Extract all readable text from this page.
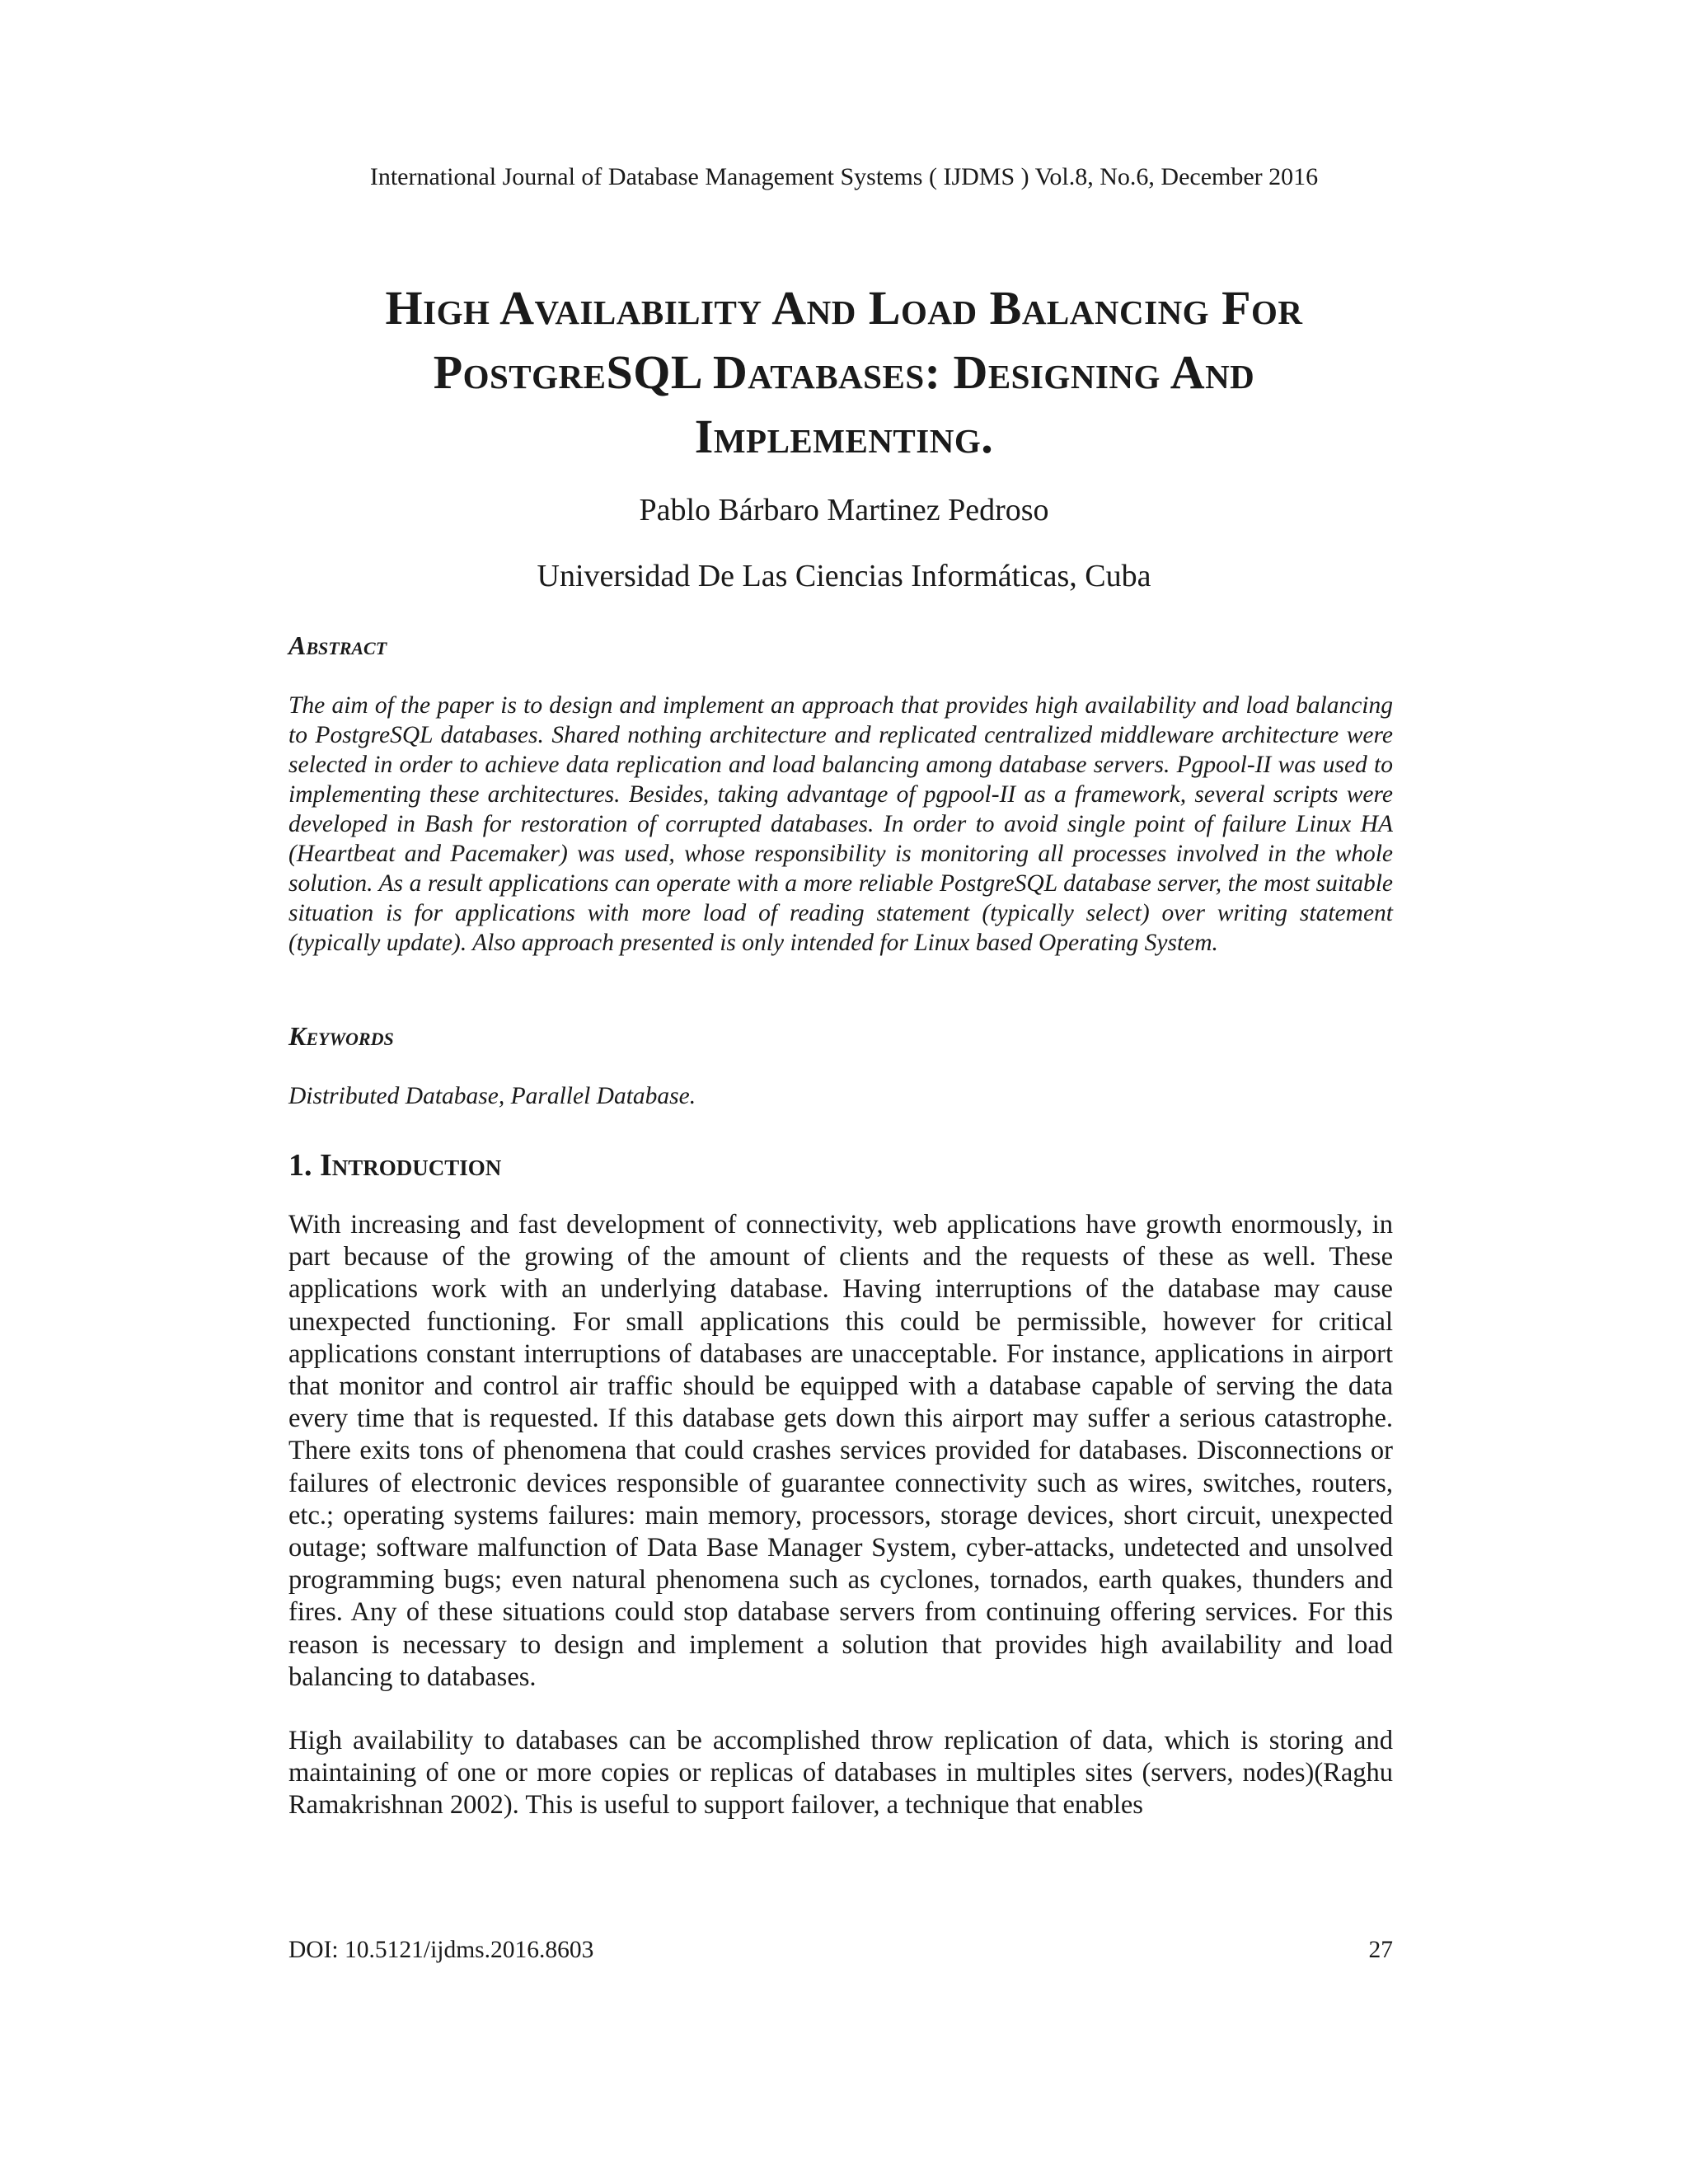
International Journal of Database Management Systems ( IJDMS ) Vol.8, No.6, December 2016
High Availability And Load Balancing For
PostgreSQL Databases: Designing And
Implementing.
Pablo Bárbaro Martinez Pedroso
Universidad De Las Ciencias Informáticas, Cuba
Abstract
The aim of the paper is to design and implement an approach that provides high availability and load balancing to PostgreSQL databases. Shared nothing architecture and replicated centralized middleware architecture were selected in order to achieve data replication and load balancing among database servers. Pgpool-II was used to implementing these architectures. Besides, taking advantage of pgpool-II as a framework, several scripts were developed in Bash for restoration of corrupted databases. In order to avoid single point of failure Linux HA (Heartbeat and Pacemaker) was used, whose responsibility is monitoring all processes involved in the whole solution. As a result applications can operate with a more reliable PostgreSQL database server, the most suitable situation is for applications with more load of reading statement (typically select) over writing statement (typically update). Also approach presented is only intended for Linux based Operating System.
Keywords
Distributed Database, Parallel Database.
1. Introduction
With increasing and fast development of connectivity, web applications have growth enormously, in part because of the growing of the amount of clients and the requests of these as well. These applications work with an underlying database. Having interruptions of the database may cause unexpected functioning. For small applications this could be permissible, however for critical applications constant interruptions of databases are unacceptable. For instance, applications in airport that monitor and control air traffic should be equipped with a database capable of serving the data every time that is requested. If this database gets down this airport may suffer a serious catastrophe. There exits tons of phenomena that could crashes services provided for databases. Disconnections or failures of electronic devices responsible of guarantee connectivity such as wires, switches, routers, etc.; operating systems failures: main memory, processors, storage devices, short circuit, unexpected outage; software malfunction of Data Base Manager System, cyber-attacks, undetected and unsolved programming bugs; even natural phenomena such as cyclones, tornados, earth quakes, thunders and fires. Any of these situations could stop database servers from continuing offering services. For this reason is necessary to design and implement a solution that provides high availability and load balancing to databases.
High availability to databases can be accomplished throw replication of data, which is storing and maintaining of one or more copies or replicas of databases in multiples sites (servers, nodes)(Raghu Ramakrishnan 2002). This is useful to support failover, a technique that enables
DOI: 10.5121/ijdms.2016.8603	27
